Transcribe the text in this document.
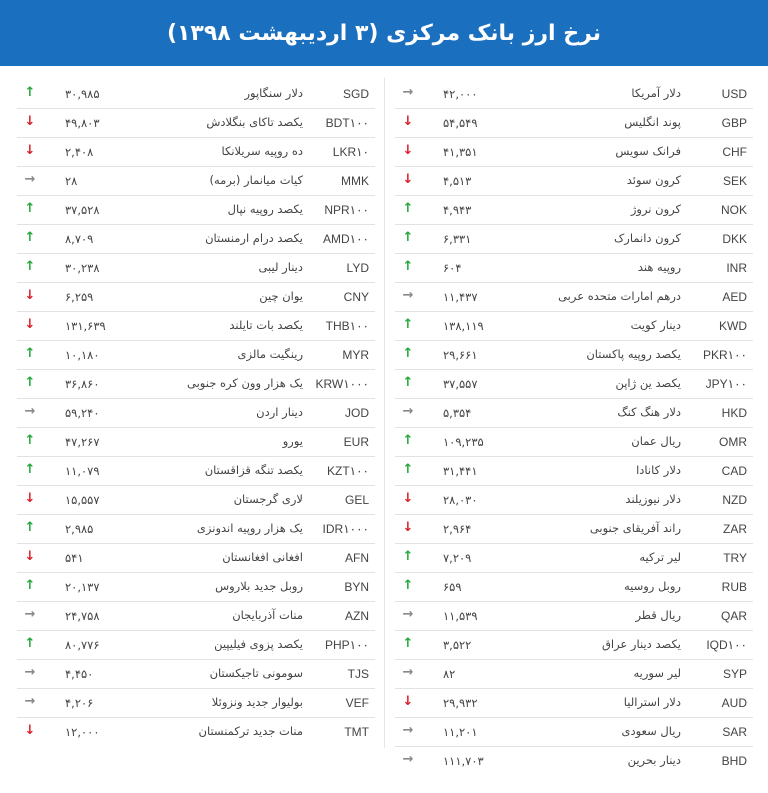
نرخ ارز بانک مرکزی (۳ اردیبهشت ۱۳۹۸)
USD
دلار آمریکا
۴۲,۰۰۰
→
GBP
پوند انگلیس
۵۴,۵۴۹
↓
CHF
فرانک سویس
۴۱,۳۵۱
↓
SEK
کرون سوئد
۴,۵۱۳
↓
NOK
کرون نروژ
۴,۹۴۳
↑
DKK
کرون دانمارک
۶,۳۳۱
↑
INR
روپیه هند
۶۰۴
↑
AED
درهم امارات متحده عربی
۱۱,۴۳۷
→
KWD
دینار کویت
۱۳۸,۱۱۹
↑
PKR۱۰۰
یکصد روپیه پاکستان
۲۹,۶۶۱
↑
JPY۱۰۰
یکصد ین ژاپن
۳۷,۵۵۷
↑
HKD
دلار هنگ کنگ
۵,۳۵۴
→
OMR
ریال عمان
۱۰۹,۲۳۵
↑
CAD
دلار کانادا
۳۱,۴۴۱
↑
NZD
دلار نیوزیلند
۲۸,۰۳۰
↓
ZAR
راند آفریقای جنوبی
۲,۹۶۴
↓
TRY
لیر ترکیه
۷,۲۰۹
↑
RUB
روبل روسیه
۶۵۹
↑
QAR
ریال قطر
۱۱,۵۳۹
→
IQD۱۰۰
یکصد دینار عراق
۳,۵۲۲
↑
SYP
لیر سوریه
۸۲
→
AUD
دلار استرالیا
۲۹,۹۳۲
↓
SAR
ریال سعودی
۱۱,۲۰۱
→
BHD
دینار بحرین
۱۱۱,۷۰۳
→
SGD
دلار سنگاپور
۳۰,۹۸۵
↑
BDT۱۰۰
یکصد تاکای بنگلادش
۴۹,۸۰۳
↓
LKR۱۰
ده روپیه سریلانکا
۲,۴۰۸
↓
MMK
کیات میانمار (برمه)
۲۸
→
NPR۱۰۰
یکصد روپیه نپال
۳۷,۵۲۸
↑
AMD۱۰۰
یکصد درام ارمنستان
۸,۷۰۹
↑
LYD
دینار لیبی
۳۰,۲۳۸
↑
CNY
یوان چین
۶,۲۵۹
↓
THB۱۰۰
یکصد بات تایلند
۱۳۱,۶۳۹
↓
MYR
رینگیت مالزی
۱۰,۱۸۰
↑
KRW۱۰۰۰
یک هزار وون کره جنوبی
۳۶,۸۶۰
↑
JOD
دینار اردن
۵۹,۲۴۰
→
EUR
یورو
۴۷,۲۶۷
↑
KZT۱۰۰
یکصد تنگه قزاقستان
۱۱,۰۷۹
↑
GEL
لاری گرجستان
۱۵,۵۵۷
↓
IDR۱۰۰۰
یک هزار روپیه اندونزی
۲,۹۸۵
↑
AFN
افغانی افغانستان
۵۴۱
↓
BYN
روبل جدید بلاروس
۲۰,۱۳۷
↑
AZN
منات آذربایجان
۲۴,۷۵۸
→
PHP۱۰۰
یکصد پزوی فیلیپین
۸۰,۷۷۶
↑
TJS
سومونی تاجیکستان
۴,۴۵۰
→
VEF
بولیوار جدید ونزوئلا
۴,۲۰۶
→
TMT
منات جدید ترکمنستان
۱۲,۰۰۰
↓
